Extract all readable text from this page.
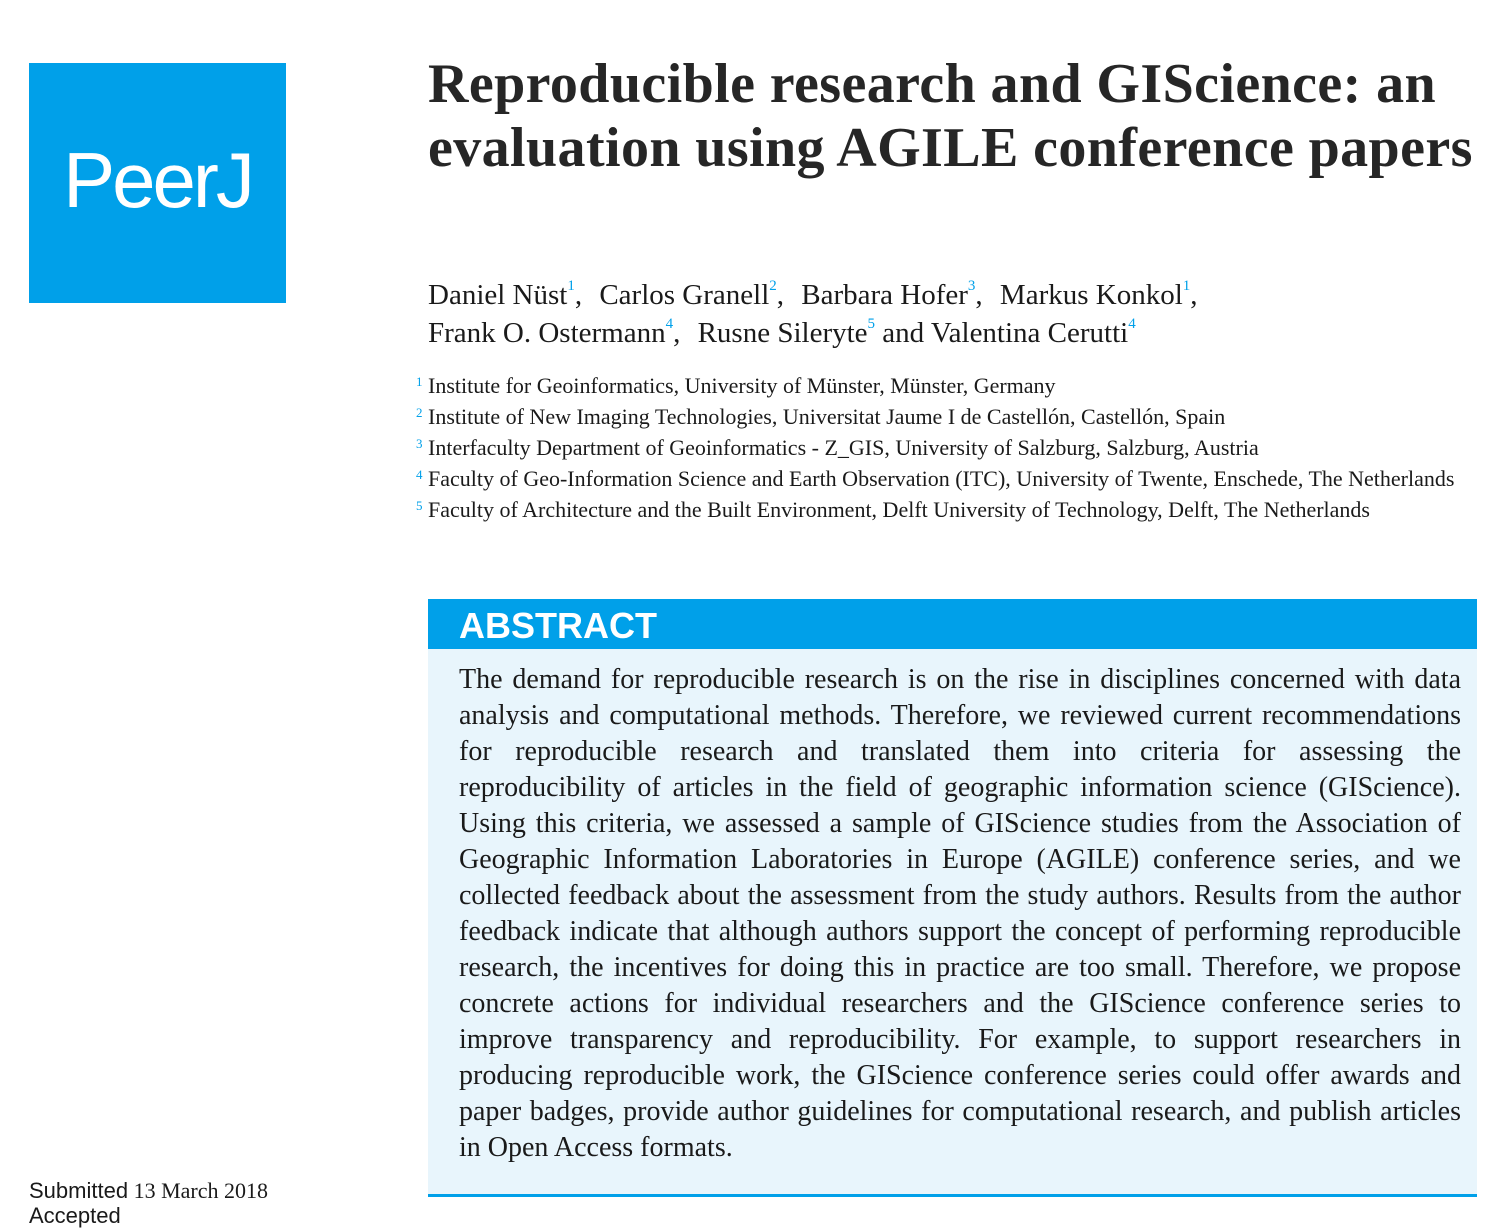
PeerJ
Reproducible research and GIScience: an evaluation using AGILE conference papers
Daniel Nüst$^1$, Carlos Granell$^2$, Barbara Hofer$^3$, Markus Konkol$^1$,
Frank O. Ostermann$^4$, Rusne Sileryte$^5$ and Valentina Cerutti$^4$
1 Institute for Geoinformatics, University of Münster, Münster, Germany
2 Institute of New Imaging Technologies, Universitat Jaume I de Castellón, Castellón, Spain
3 Interfaculty Department of Geoinformatics - Z_GIS, University of Salzburg, Salzburg, Austria
4 Faculty of Geo-Information Science and Earth Observation (ITC), University of Twente, Enschede, The Netherlands
5 Faculty of Architecture and the Built Environment, Delft University of Technology, Delft, The Netherlands
ABSTRACT
The demand for reproducible research is on the rise in disciplines concerned with data analysis and computational methods. Therefore, we reviewed current recommendations for reproducible research and translated them into criteria for assessing the reproducibility of articles in the field of geographic information science (GIScience). Using this criteria, we assessed a sample of GIScience studies from the Association of Geographic Information Laboratories in Europe (AGILE) conference series, and we collected feedback about the assessment from the study authors. Results from the author feedback indicate that although authors support the concept of performing reproducible research, the incentives for doing this in practice are too small. Therefore, we propose concrete actions for individual researchers and the GIScience conference series to improve transparency and reproducibility. For example, to support researchers in producing reproducible work, the GIScience conference series could offer awards and paper badges, provide author guidelines for computational research, and publish articles in Open Access formats.
Submitted 13 March 2018
Accepted
